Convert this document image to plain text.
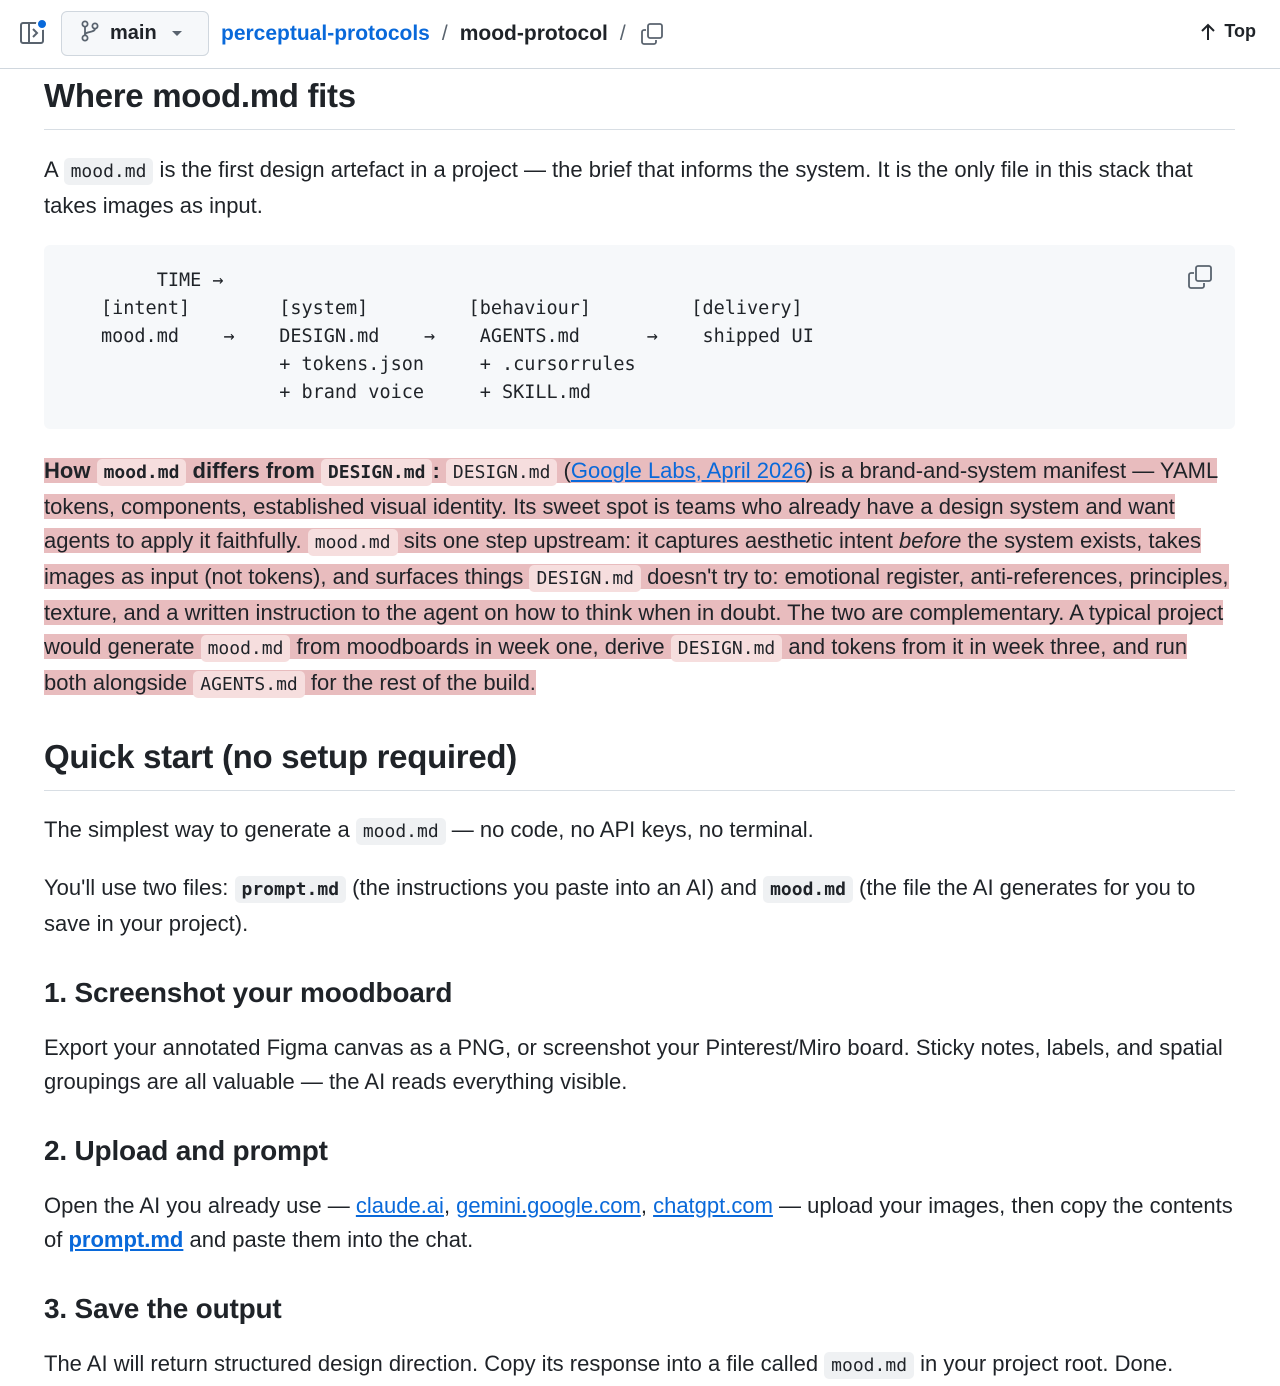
main	perceptual-protocols / mood-protocol /	Top
Where mood.md fits

A mood.md is the first design artefact in a project — the brief that informs the system. It is the only file in this stack that takes images as input.

TIME →
[intent]        [system]         [behaviour]         [delivery]
mood.md    →    DESIGN.md    →    AGENTS.md      →    shipped UI
+ tokens.json     + .cursorrules
+ brand voice     + SKILL.md

How mood.md differs from DESIGN.md : DESIGN.md (Google Labs, April 2026) is a brand-and-system manifest — YAML tokens, components, established visual identity. Its sweet spot is teams who already have a design system and want agents to apply it faithfully. mood.md sits one step upstream: it captures aesthetic intent before the system exists, takes images as input (not tokens), and surfaces things DESIGN.md doesn't try to: emotional register, anti-references, principles, texture, and a written instruction to the agent on how to think when in doubt. The two are complementary. A typical project would generate mood.md from moodboards in week one, derive DESIGN.md and tokens from it in week three, and run both alongside AGENTS.md for the rest of the build.

Quick start (no setup required)

The simplest way to generate a mood.md — no code, no API keys, no terminal.

You'll use two files: prompt.md (the instructions you paste into an AI) and mood.md (the file the AI generates for you to save in your project).

1. Screenshot your moodboard

Export your annotated Figma canvas as a PNG, or screenshot your Pinterest/Miro board. Sticky notes, labels, and spatial groupings are all valuable — the AI reads everything visible.

2. Upload and prompt

Open the AI you already use — claude.ai, gemini.google.com, chatgpt.com — upload your images, then copy the contents of prompt.md and paste them into the chat.

3. Save the output

The AI will return structured design direction. Copy its response into a file called mood.md in your project root. Done.
